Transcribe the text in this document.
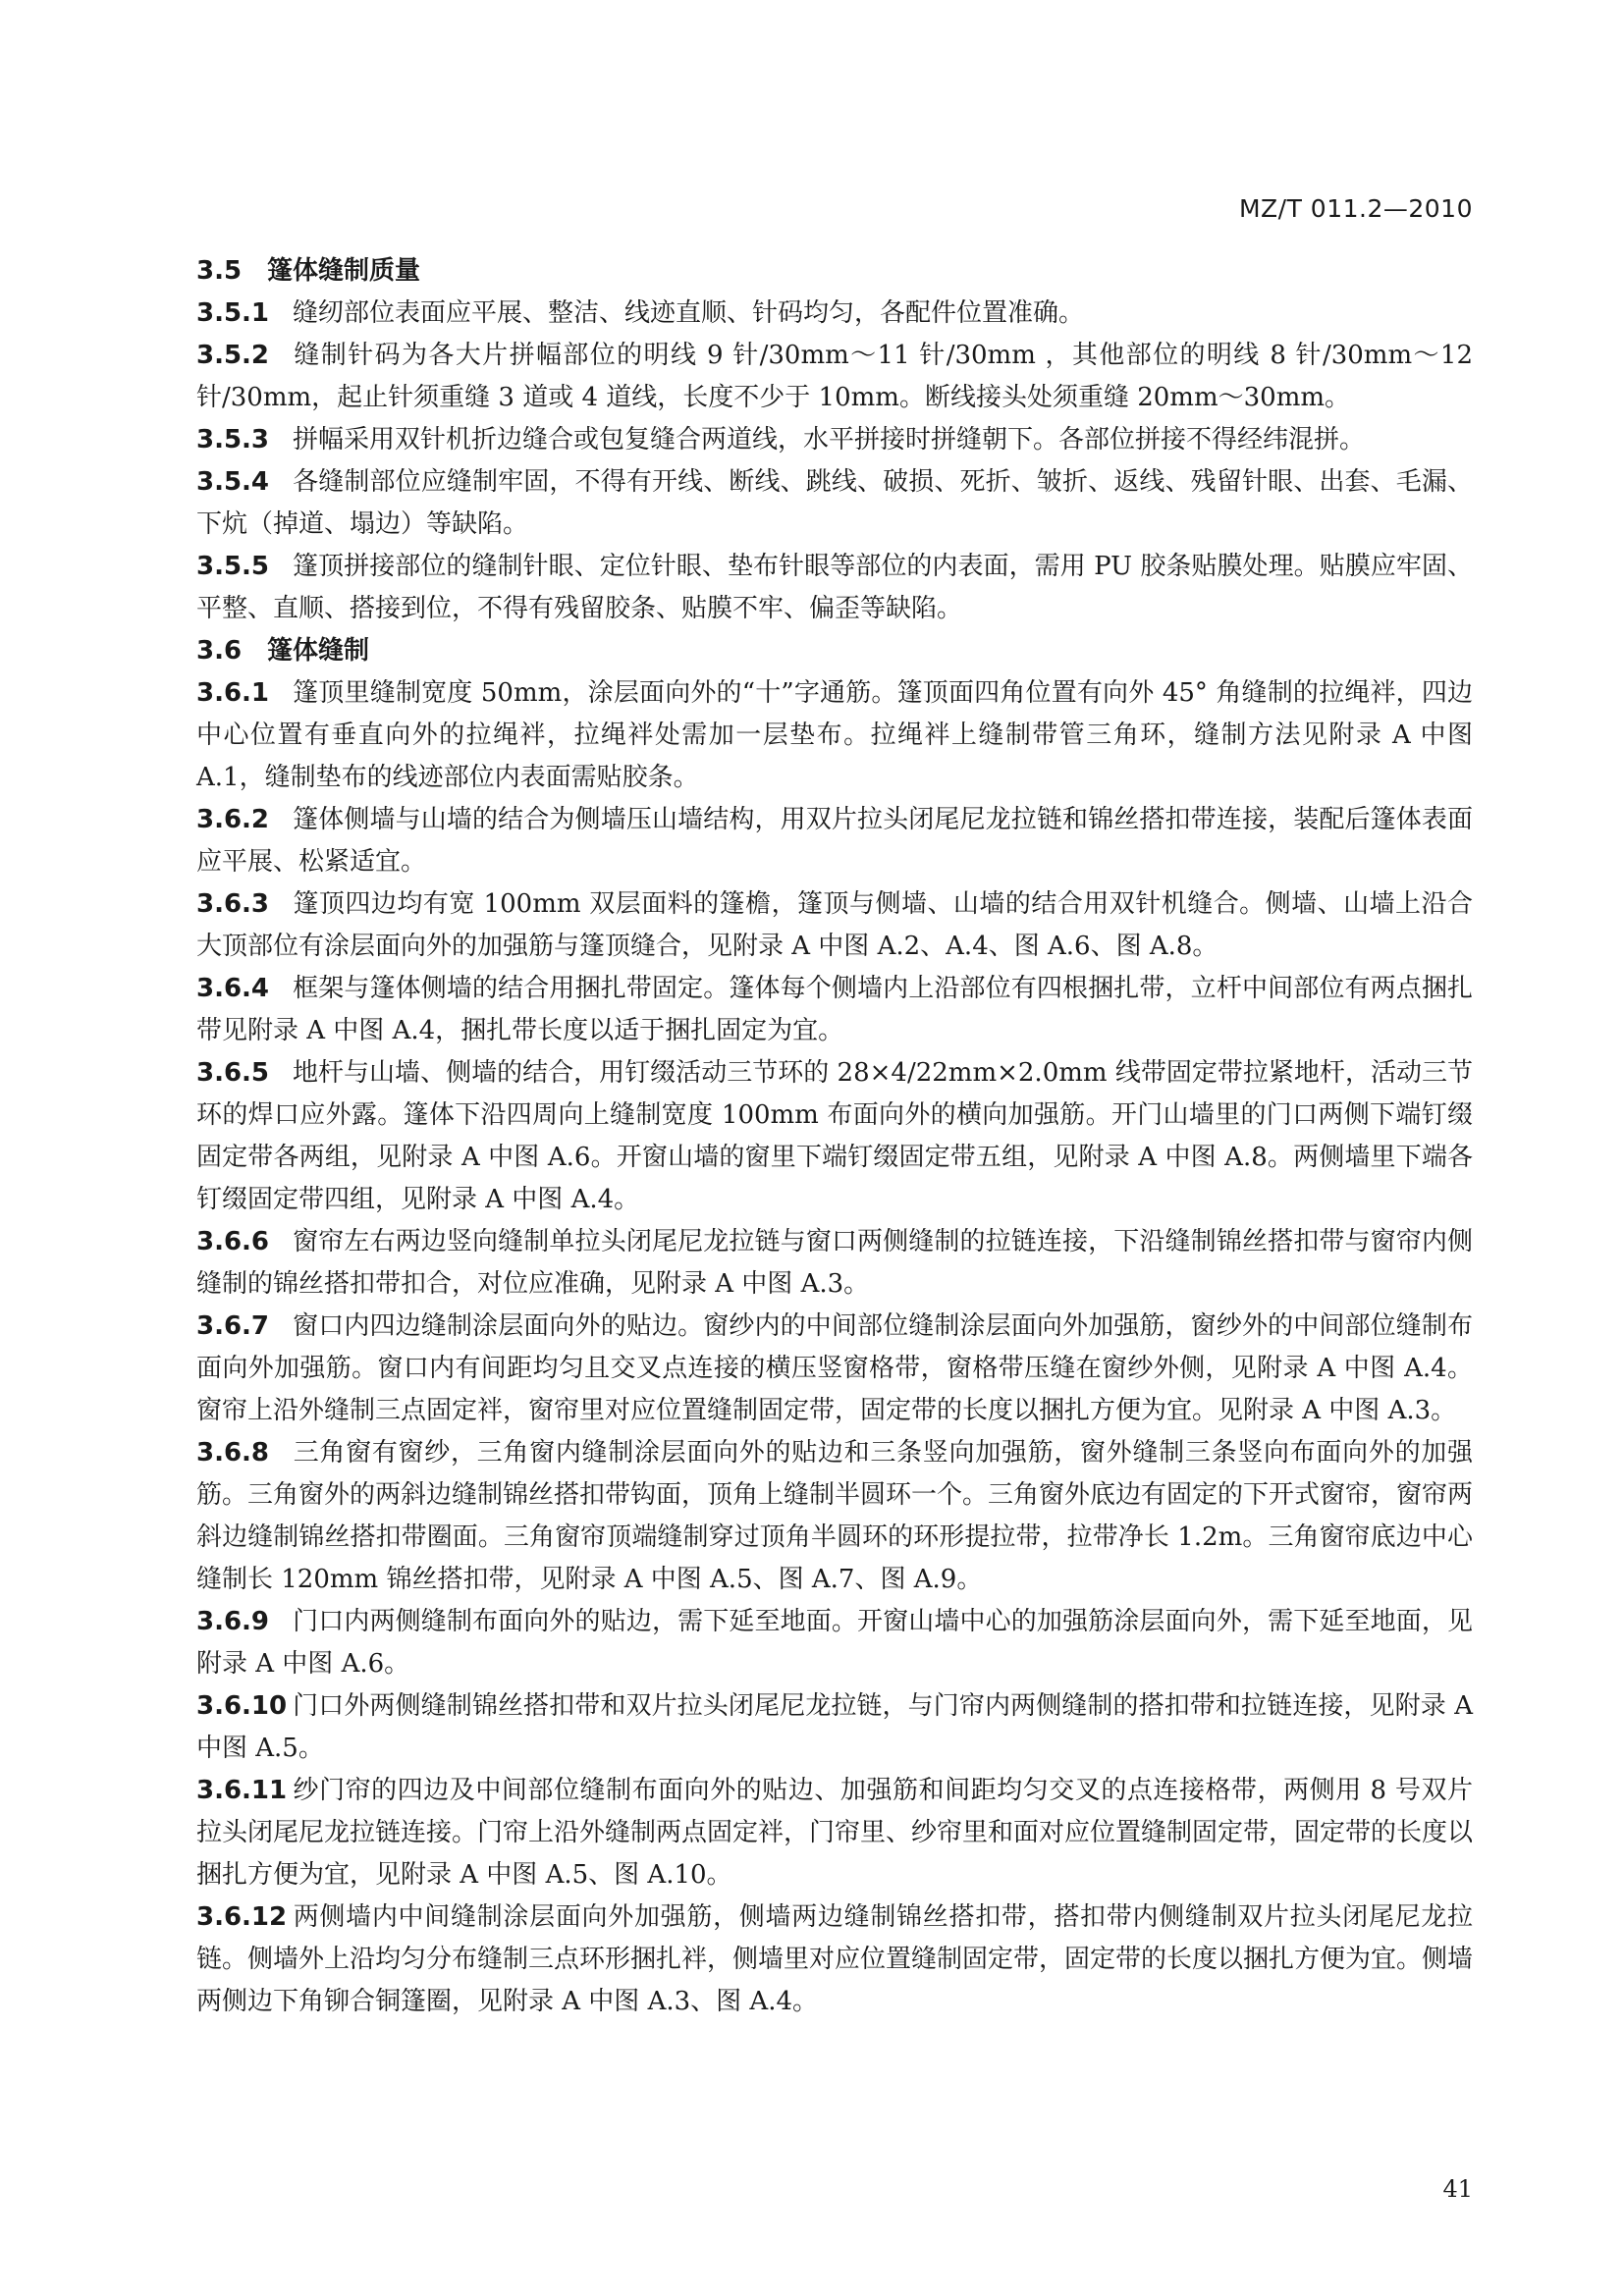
MZ/T 011.2—2010

3.5 篷体缝制质量

3.5.1 缝纫部位表面应平展、整洁、线迹直顺、针码均匀，各配件位置准确。

3.5.2 缝制针码为各大片拼幅部位的明线 9 针/30mm～11 针/30mm ，其他部位的明线 8 针/30mm～12 针/30mm，起止针须重缝 3 道或 4 道线，长度不少于 10mm。断线接头处须重缝 20mm～30mm。

3.5.3 拼幅采用双针机折边缝合或包复缝合两道线，水平拼接时拼缝朝下。各部位拼接不得经纬混拼。

3.5.4 各缝制部位应缝制牢固，不得有开线、断线、跳线、破损、死折、皱折、返线、残留针眼、出套、毛漏、下炕（掉道、塌边）等缺陷。

3.5.5 篷顶拼接部位的缝制针眼、定位针眼、垫布针眼等部位的内表面，需用 PU 胶条贴膜处理。贴膜应牢固、平整、直顺、搭接到位，不得有残留胶条、贴膜不牢、偏歪等缺陷。

3.6 篷体缝制

3.6.1 篷顶里缝制宽度 50mm，涂层面向外的“十”字通筋。篷顶面四角位置有向外 45° 角缝制的拉绳袢，四边中心位置有垂直向外的拉绳袢，拉绳袢处需加一层垫布。拉绳袢上缝制带管三角环，缝制方法见附录 A 中图 A.1，缝制垫布的线迹部位内表面需贴胶条。

3.6.2 篷体侧墙与山墙的结合为侧墙压山墙结构，用双片拉头闭尾尼龙拉链和锦丝搭扣带连接，装配后篷体表面应平展、松紧适宜。

3.6.3 篷顶四边均有宽 100mm 双层面料的篷檐，篷顶与侧墙、山墙的结合用双针机缝合。侧墙、山墙上沿合大顶部位有涂层面向外的加强筋与篷顶缝合，见附录 A 中图 A.2、A.4、图 A.6、图 A.8。

3.6.4 框架与篷体侧墙的结合用捆扎带固定。篷体每个侧墙内上沿部位有四根捆扎带，立杆中间部位有两点捆扎带见附录 A 中图 A.4，捆扎带长度以适于捆扎固定为宜。

3.6.5 地杆与山墙、侧墙的结合，用钉缀活动三节环的 28×4/22mm×2.0mm 线带固定带拉紧地杆，活动三节环的焊口应外露。篷体下沿四周向上缝制宽度 100mm 布面向外的横向加强筋。开门山墙里的门口两侧下端钉缀固定带各两组，见附录 A 中图 A.6。开窗山墙的窗里下端钉缀固定带五组，见附录 A 中图 A.8。两侧墙里下端各钉缀固定带四组，见附录 A 中图 A.4。

3.6.6 窗帘左右两边竖向缝制单拉头闭尾尼龙拉链与窗口两侧缝制的拉链连接，下沿缝制锦丝搭扣带与窗帘内侧缝制的锦丝搭扣带扣合，对位应准确，见附录 A 中图 A.3。

3.6.7 窗口内四边缝制涂层面向外的贴边。窗纱内的中间部位缝制涂层面向外加强筋，窗纱外的中间部位缝制布面向外加强筋。窗口内有间距均匀且交叉点连接的横压竖窗格带，窗格带压缝在窗纱外侧，见附录 A 中图 A.4。窗帘上沿外缝制三点固定袢，窗帘里对应位置缝制固定带，固定带的长度以捆扎方便为宜。见附录 A 中图 A.3。

3.6.8 三角窗有窗纱，三角窗内缝制涂层面向外的贴边和三条竖向加强筋，窗外缝制三条竖向布面向外的加强筋。三角窗外的两斜边缝制锦丝搭扣带钩面，顶角上缝制半圆环一个。三角窗外底边有固定的下开式窗帘，窗帘两斜边缝制锦丝搭扣带圈面。三角窗帘顶端缝制穿过顶角半圆环的环形提拉带，拉带净长 1.2m。三角窗帘底边中心缝制长 120mm 锦丝搭扣带，见附录 A 中图 A.5、图 A.7、图 A.9。

3.6.9 门口内两侧缝制布面向外的贴边，需下延至地面。开窗山墙中心的加强筋涂层面向外，需下延至地面，见附录 A 中图 A.6。

3.6.10 门口外两侧缝制锦丝搭扣带和双片拉头闭尾尼龙拉链，与门帘内两侧缝制的搭扣带和拉链连接，见附录 A 中图 A.5。

3.6.11 纱门帘的四边及中间部位缝制布面向外的贴边、加强筋和间距均匀交叉的点连接格带，两侧用 8 号双片拉头闭尾尼龙拉链连接。门帘上沿外缝制两点固定袢，门帘里、纱帘里和面对应位置缝制固定带，固定带的长度以捆扎方便为宜，见附录 A 中图 A.5、图 A.10。

3.6.12 两侧墙内中间缝制涂层面向外加强筋，侧墙两边缝制锦丝搭扣带，搭扣带内侧缝制双片拉头闭尾尼龙拉链。侧墙外上沿均匀分布缝制三点环形捆扎袢，侧墙里对应位置缝制固定带，固定带的长度以捆扎方便为宜。侧墙两侧边下角铆合铜篷圈，见附录 A 中图 A.3、图 A.4。

41
